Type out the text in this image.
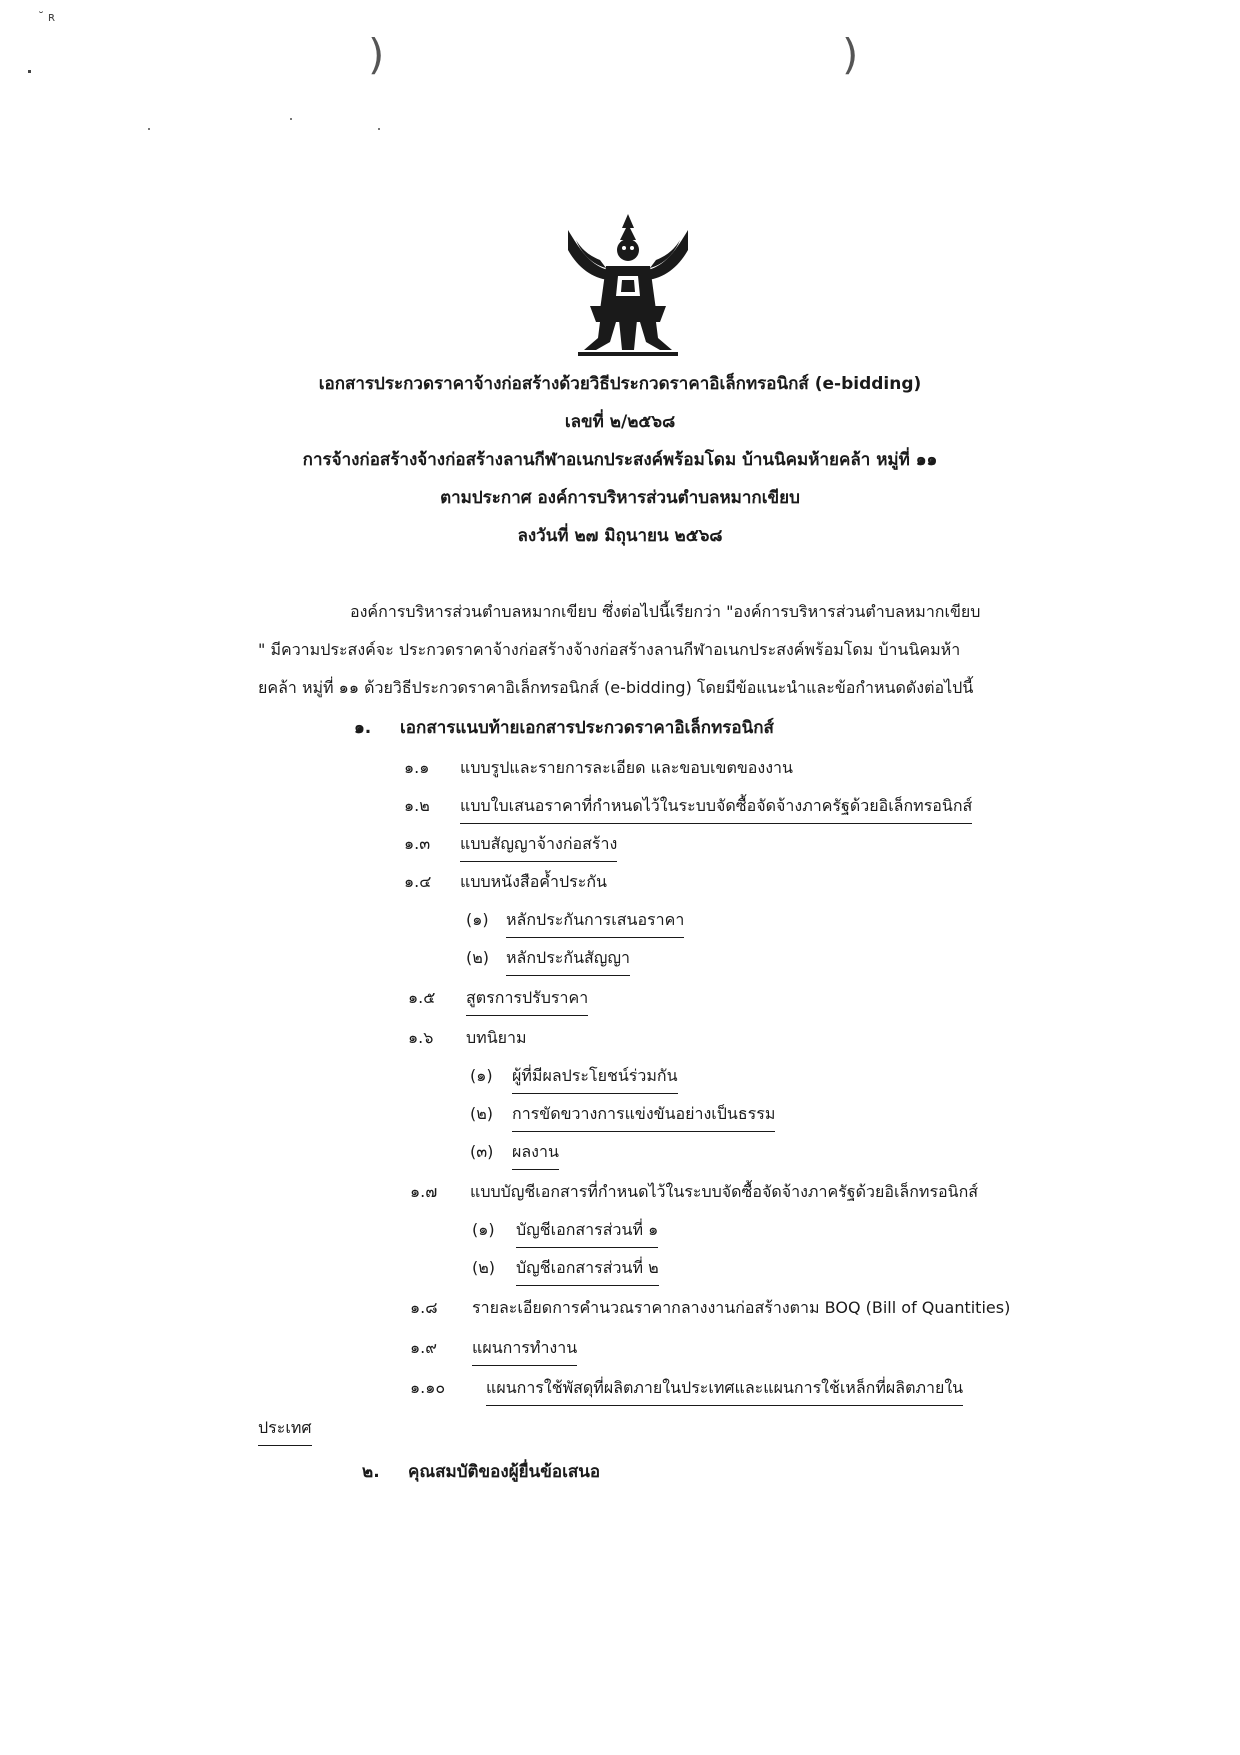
˘ ʀ
)	)
เอกสารประกวดราคาจ้างก่อสร้างด้วยวิธีประกวดราคาอิเล็กทรอนิกส์ (e-bidding)
เลขที่ ๒/๒๕๖๘
การจ้างก่อสร้างจ้างก่อสร้างลานกีฬาอเนกประสงค์พร้อมโดม บ้านนิคมห้ายคล้า หมู่ที่ ๑๑
ตามประกาศ องค์การบริหารส่วนตำบลหมากเขียบ
ลงวันที่ ๒๗ มิถุนายน ๒๕๖๘
องค์การบริหารส่วนตำบลหมากเขียบ ซึ่งต่อไปนี้เรียกว่า "องค์การบริหารส่วนตำบลหมากเขียบ
" มีความประสงค์จะ ประกวดราคาจ้างก่อสร้างจ้างก่อสร้างลานกีฬาอเนกประสงค์พร้อมโดม บ้านนิคมห้า
ยคล้า หมู่ที่ ๑๑ ด้วยวิธีประกวดราคาอิเล็กทรอนิกส์ (e-bidding) โดยมีข้อแนะนำและข้อกำหนดดังต่อไปนี้
๑. เอกสารแนบท้ายเอกสารประกวดราคาอิเล็กทรอนิกส์
๑.๑ แบบรูปและรายการละเอียด และขอบเขตของงาน
๑.๒ แบบใบเสนอราคาที่กำหนดไว้ในระบบจัดซื้อจัดจ้างภาครัฐด้วยอิเล็กทรอนิกส์
๑.๓ แบบสัญญาจ้างก่อสร้าง
๑.๔ แบบหนังสือค้ำประกัน
(๑) หลักประกันการเสนอราคา
(๒) หลักประกันสัญญา
๑.๕ สูตรการปรับราคา
๑.๖ บทนิยาม
(๑) ผู้ที่มีผลประโยชน์ร่วมกัน
(๒) การขัดขวางการแข่งขันอย่างเป็นธรรม
(๓) ผลงาน
๑.๗ แบบบัญชีเอกสารที่กำหนดไว้ในระบบจัดซื้อจัดจ้างภาครัฐด้วยอิเล็กทรอนิกส์
(๑) บัญชีเอกสารส่วนที่ ๑
(๒) บัญชีเอกสารส่วนที่ ๒
๑.๘ รายละเอียดการคำนวณราคากลางงานก่อสร้างตาม BOQ (Bill of Quantities)
๑.๙ แผนการทำงาน
๑.๑๐	แผนการใช้พัสดุที่ผลิตภายในประเทศและแผนการใช้เหล็กที่ผลิตภายใน
ประเทศ
๒. คุณสมบัติของผู้ยื่นข้อเสนอ
